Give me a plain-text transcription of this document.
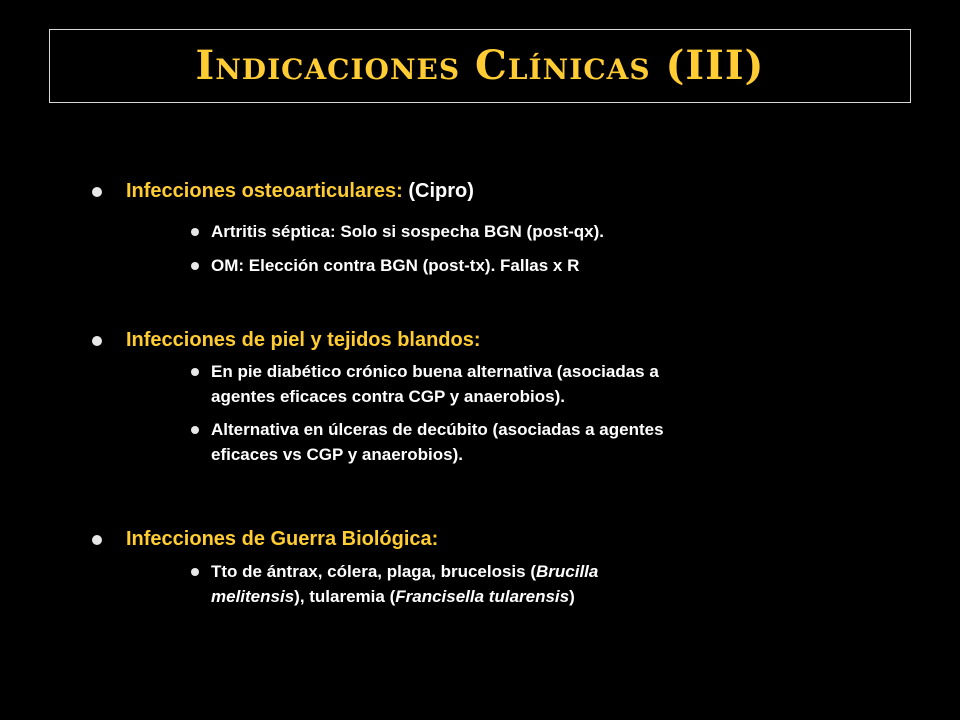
Indicaciones Clínicas (III)
Infecciones osteoarticulares: (Cipro)
Artritis séptica: Solo si sospecha BGN (post-qx).
OM: Elección contra BGN (post-tx). Fallas x R
Infecciones de piel y tejidos blandos:
En pie diabético crónico buena alternativa (asociadas a
agentes eficaces contra CGP y anaerobios).
Alternativa en úlceras de decúbito (asociadas a agentes
eficaces vs CGP y anaerobios).
Infecciones de Guerra Biológica:
Tto de ántrax, cólera, plaga, brucelosis (Brucilla
melitensis), tularemia (Francisella tularensis)
